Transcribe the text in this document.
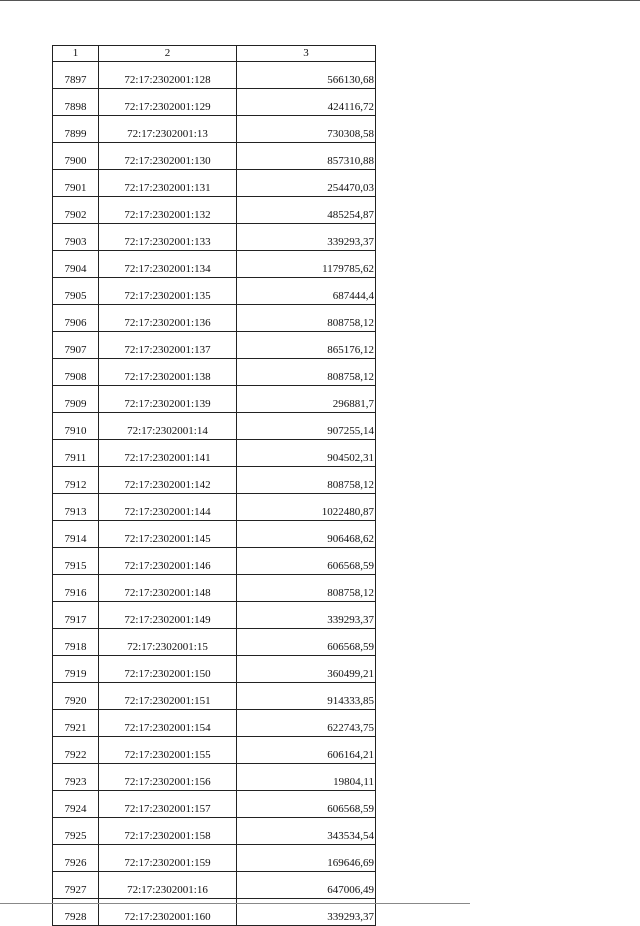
1	2	3
7897	72:17:2302001:128	566130,68
7898	72:17:2302001:129	424116,72
7899	72:17:2302001:13	730308,58
7900	72:17:2302001:130	857310,88
7901	72:17:2302001:131	254470,03
7902	72:17:2302001:132	485254,87
7903	72:17:2302001:133	339293,37
7904	72:17:2302001:134	1179785,62
7905	72:17:2302001:135	687444,4
7906	72:17:2302001:136	808758,12
7907	72:17:2302001:137	865176,12
7908	72:17:2302001:138	808758,12
7909	72:17:2302001:139	296881,7
7910	72:17:2302001:14	907255,14
7911	72:17:2302001:141	904502,31
7912	72:17:2302001:142	808758,12
7913	72:17:2302001:144	1022480,87
7914	72:17:2302001:145	906468,62
7915	72:17:2302001:146	606568,59
7916	72:17:2302001:148	808758,12
7917	72:17:2302001:149	339293,37
7918	72:17:2302001:15	606568,59
7919	72:17:2302001:150	360499,21
7920	72:17:2302001:151	914333,85
7921	72:17:2302001:154	622743,75
7922	72:17:2302001:155	606164,21
7923	72:17:2302001:156	19804,11
7924	72:17:2302001:157	606568,59
7925	72:17:2302001:158	343534,54
7926	72:17:2302001:159	169646,69
7927	72:17:2302001:16	647006,49
7928	72:17:2302001:160	339293,37
